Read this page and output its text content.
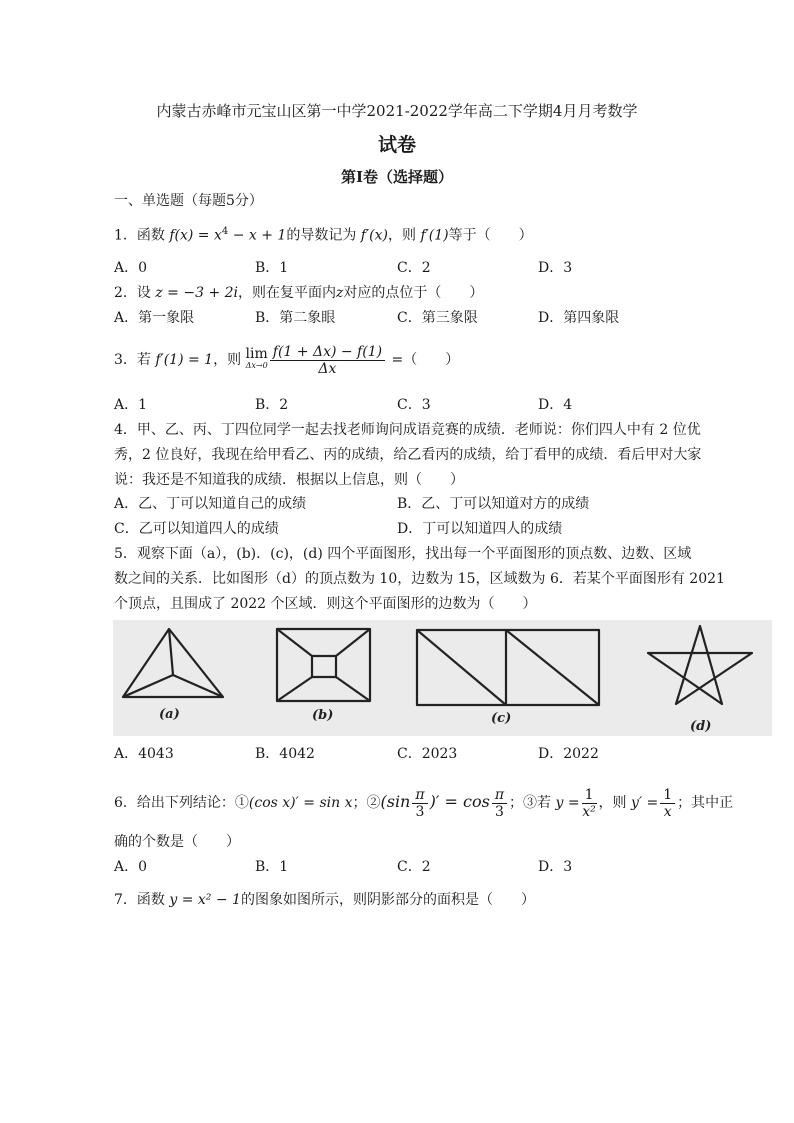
内蒙古赤峰市元宝山区第一中学2021-2022学年高二下学期4月月考数学
试卷
第Ⅰ卷（选择题）
一、单选题（每题5分）
1．函数 $f(x) = x^4 - x + 1$的导数记为 f′(x)，则 f′(1)等于（　　）
A．0	B．1	C．2	D．3
2．设 z = −3 + 2i，则在复平面内z对应的点位于（　　）
A．第一象限	B．第二象眼	C．第三象限	D．第四象限
3．若 f′(1) = 1，则 lim
$\Delta x\to 0 \frac{f(1 + \Delta x) - f(1)}{\Delta x}$ =（　　）
A．1	B．2	C．3	D．4
4．甲、乙、丙、丁四位同学一起去找老师询问成语竞赛的成绩．老师说：你们四人中有 2 位优
秀，2 位良好，我现在给甲看乙、丙的成绩，给乙看丙的成绩，给丁看甲的成绩．看后甲对大家
说：我还是不知道我的成绩．根据以上信息，则（　　）
A．乙、丁可以知道自己的成绩	B．乙、丁可以知道对方的成绩
C．乙可以知道四人的成绩	D．丁可以知道四人的成绩
5．观察下面（a），(b)．(c)，(d) 四个平面图形，找出每一个平面图形的顶点数、边数、区域
数之间的关系．比如图形（d）的顶点数为 10，边数为 15，区域数为 6．若某个平面图形有 2021
个顶点，且围成了 2022 个区域．则这个平面图形的边数为（　　）
(a)	(b)	(c)
(d)
A．4043	B．4042	C．2023	D．2022
6．给出下列结论：①(cos x)′ = sin x；②(sin $\frac{\pi}{3}$ )′ = $\cos \frac{\pi}{3}$ ；③若 $y = \frac{1}{\text{x²}}$ ，则 $y' = \frac{1}{x}$ ；其中正
确的个数是（　　）
A．0	B．1	C．2	D．3
7．函数 y = x² − 1的图象如图所示，则阴影部分的面积是（　　）
